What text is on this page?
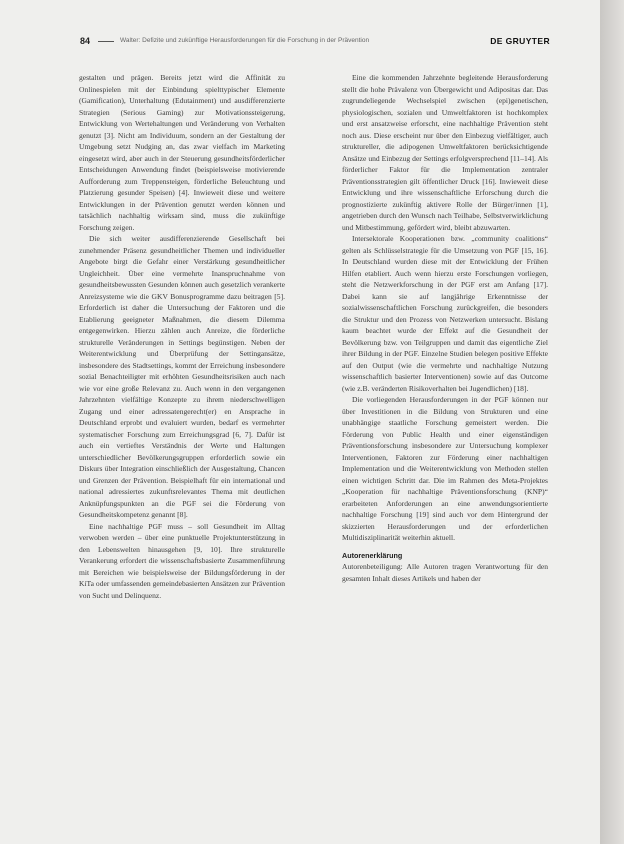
84	Walter: Defizite und zukünftige Herausforderungen für die Forschung in der Prävention	DE GRUYTER

gestalten und prägen. Bereits jetzt wird die Affinität zu Onlinespielen mit der Einbindung spielttypischer Elemente (Gamification), Unterhaltung (Edutainment) und ausdifferenzierte Strategien (Serious Gaming) zur Motivationssteigerung, Entwicklung von Wertehaltungen und Veränderung von Verhalten genutzt [3]. Nicht am Individuum, sondern an der Gestaltung der Umgebung setzt Nudging an, das zwar vielfach im Marketing eingesetzt wird, aber auch in der Steuerung gesundheitsförderlicher Entscheidungen Anwendung findet (beispielsweise motivierende Aufforderung zum Treppensteigen, förderliche Beleuchtung und Platzierung gesunder Speisen) [4]. Inwieweit diese und weitere Entwicklungen in der Prävention genutzt werden können und tatsächlich nachhaltig wirksam sind, muss die zukünftige Forschung zeigen.

Die sich weiter ausdifferenzierende Gesellschaft bei zunehmender Präsenz gesundheitlicher Themen und individueller Angebote birgt die Gefahr einer Verstärkung gesundheitlicher Ungleichheit. Über eine vermehrte Inanspruchnahme von gesundheitsbewussten Gesunden können auch gesetzlich verankerte Anreizsysteme wie die GKV Bonusprogramme dazu beitragen [5]. Erforderlich ist daher die Untersuchung der Faktoren und die Etablierung geeigneter Maßnahmen, die diesem Dilemma entgegenwirken. Hierzu zählen auch Anreize, die förderliche strukturelle Veränderungen in Settings begünstigen. Neben der Weiterentwicklung und Überprüfung der Settingansätze, insbesondere des Stadtsettings, kommt der Erreichung insbesondere sozial Benachteiligter mit erhöhten Gesundheitsrisiken auch nach wie vor eine große Relevanz zu. Auch wenn in den vergangenen Jahrzehnten vielfältige Konzepte zu ihrem niederschwelligen Zugang und einer adressatengerecht(er) en Ansprache in Deutschland erprobt und evaluiert wurden, bedarf es vermehrter systematischer Forschung zum Erreichungsgrad [6, 7]. Dafür ist auch ein vertieftes Verständnis der Werte und Haltungen unterschiedlicher Bevölkerungsgruppen erforderlich sowie ein Diskurs über Integration einschließlich der Ausgestaltung, Chancen und Grenzen der Prävention. Beispielhaft für ein international und national adressiertes zukunftsrelevantes Thema mit deutlichen Anknüpfungspunkten an die PGF sei die Förderung von Gesundheitskompetenz genannt [8].

Eine nachhaltige PGF muss – soll Gesundheit im Alltag verwoben werden – über eine punktuelle Projektunterstützung in den Lebenswelten hinausgehen [9, 10]. Ihre strukturelle Verankerung erfordert die wissenschaftsbasierte Zusammenführung mit Bereichen wie beispielsweise der Bildungsförderung in der KiTa oder umfassenden gemeindebasierten Ansätzen zur Prävention von Sucht und Delinquenz.

Eine die kommenden Jahrzehnte begleitende Herausforderung stellt die hohe Prävalenz von Übergewicht und Adipositas dar. Das zugrundeliegende Wechselspiel zwischen (epi)genetischen, physiologischen, sozialen und Umweltfaktoren ist hochkomplex und erst ansatzweise erforscht, eine nachhaltige Prävention steht noch aus. Diese erscheint nur über den Einbezug vielfältiger, auch struktureller, die adipogenen Umweltfaktoren berücksichtigende Ansätze und Einbezug der Settings erfolgversprechend [11–14]. Als förderlicher Faktor für die Implementation zentraler Präventionsstrategien gilt öffentlicher Druck [16]. Inwieweit diese Entwicklung und ihre wissenschaftliche Erforschung durch die prognostizierte zukünftig aktivere Rolle der Bürger/innen [1], angetrieben durch den Wunsch nach Teilhabe, Selbstverwirklichung und Mitbestimmung, gefördert wird, bleibt abzuwarten.

Intersektorale Kooperationen bzw. „community coalitions“ gelten als Schlüsselstrategie für die Umsetzung von PGF [15, 16]. In Deutschland wurden diese mit der Entwicklung der Frühen Hilfen etabliert. Auch wenn hierzu erste Forschungen vorliegen, steht die Netzwerkforschung in der PGF erst am Anfang [17]. Dabei kann sie auf langjährige Erkenntnisse der sozialwissenschaftlichen Forschung zurückgreifen, die besonders die Struktur und den Prozess von Netzwerken untersucht. Bislang kaum beachtet wurde der Effekt auf die Gesundheit der Bevölkerung bzw. von Teilgruppen und damit das eigentliche Ziel ihrer Bildung in der PGF. Einzelne Studien belegen positive Effekte auf den Output (wie die vermehrte und nachhaltige Nutzung wissenschaftlich basierter Interventionen) sowie auf das Outcome (wie z.B. veränderten Risikoverhalten bei Jugendlichen) [18].

Die vorliegenden Herausforderungen in der PGF können nur über Investitionen in die Bildung von Strukturen und eine unabhängige staatliche Forschung gemeistert werden. Die Förderung von Public Health und einer eigenständigen Präventionsforschung insbesondere zur Untersuchung komplexer Interventionen, Faktoren zur Förderung einer nachhaltigen Implementation und die Weiterentwicklung von Methoden stellen einen wichtigen Schritt dar. Die im Rahmen des Meta-Projektes „Kooperation für nachhaltige Präventionsforschung (KNP)“ erarbeiteten Anforderungen an eine anwendungsorientierte nachhaltige Forschung [19] sind auch vor dem Hintergrund der skizzierten Herausforderungen und der erforderlichen Multidisziplinarität weiterhin aktuell.

Autorenerklärung

Autorenbeteiligung: Alle Autoren tragen Verantwortung für den gesamten Inhalt dieses Artikels und haben der
